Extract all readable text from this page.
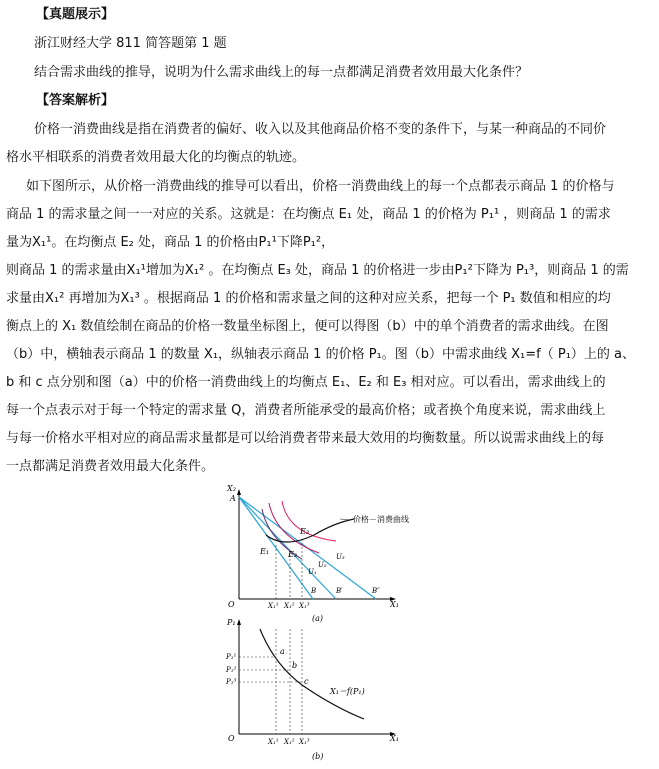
【真题展示】
浙江财经大学 811 简答题第 1 题
结合需求曲线的推导，说明为什么需求曲线上的每一点都满足消费者效用最大化条件？
【答案解析】
价格一消费曲线是指在消费者的偏好、收入以及其他商品价格不变的条件下，与某一种商品的不同价
格水平相联系的消费者效用最大化的均衡点的轨迹。
如下图所示，从价格一消费曲线的推导可以看出，价格一消费曲线上的每一个点都表示商品 1 的价格与
商品 1 的需求量之间一一对应的关系。这就是：在均衡点 E₁ 处，商品 1 的价格为 P₁¹ ，则商品 1 的需求
量为X₁¹。在均衡点 E₂ 处，商品 1 的价格由P₁¹下降P₁²，
则商品 1 的需求量由X₁¹增加为X₁² 。在均衡点 E₃ 处，商品 1 的价格进一步由P₁²下降为 P₁³，则商品 1 的需
求量由X₁² 再增加为X₁³ 。根据商品 1 的价格和需求量之间的这种对应关系，把每一个 P₁ 数值和相应的均
衡点上的 X₁ 数值绘制在商品的价格一数量坐标图上，便可以得图（b）中的单个消费者的需求曲线。在图
（b）中，横轴表示商品 1 的数量 X₁，纵轴表示商品 1 的价格 P₁。图（b）中需求曲线 X₁=f（ P₁）上的 a、
b 和 c 点分别和图（a）中的价格一消费曲线上的均衡点 E₁、E₂ 和 E₃ 相对应。可以看出，需求曲线上的
每一个点表示对于每一个特定的需求量 Q，消费者所能承受的最高价格；或者换个角度来说，需求曲线上
与每一价格水平相对应的商品需求量都是可以给消费者带来最大效用的均衡数量。所以说需求曲线上的每
一点都满足消费者效用最大化条件。
X₂
X₁
O
A
价格－消费曲线
E₁ E₂
E₃
U₁
U₂
U₃
B	B′	B″
X₁¹ X₁² X₁³
(a)
P₁
X₁
O
P₁¹
P₁²
P₁³
a
b
c
X₁＝f(P₁)
X₁¹ X₁² X₁³
(b)
